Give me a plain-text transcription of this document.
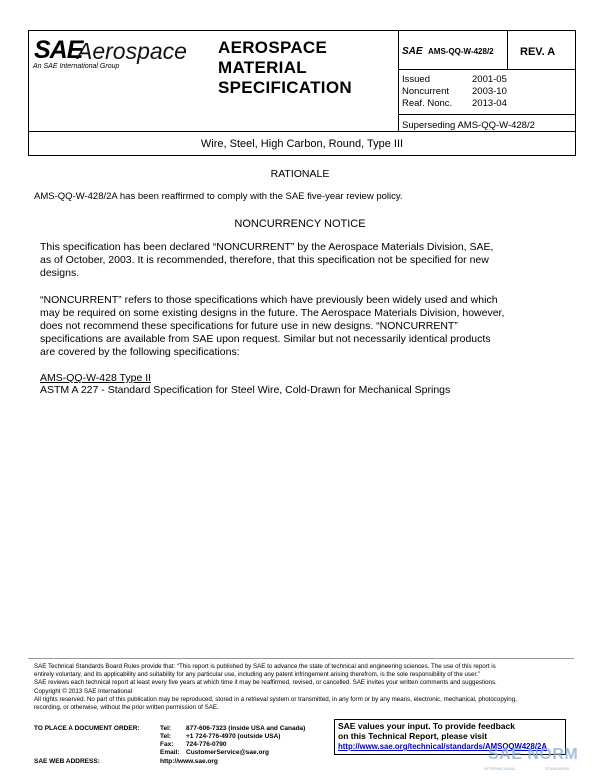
SAE
Aerospace
An SAE International Group
AEROSPACE
MATERIAL
SPECIFICATION
SAE AMS-QQ-W-428/2 REV. A
Issued	2001-05
Noncurrent 2003-10
Reaf. Nonc. 2013-04
Superseding AMS-QQ-W-428/2
Wire, Steel, High Carbon, Round, Type III
RATIONALE
AMS-QQ-W-428/2A has been reaffirmed to comply with the SAE five-year review policy.
NONCURRENCY NOTICE
This specification has been declared “NONCURRENT” by the Aerospace Materials Division, SAE,
as of October, 2003. It is recommended, therefore, that this specification not be specified for new
designs.
“NONCURRENT” refers to those specifications which have previously been widely used and which
may be required on some existing designs in the future. The Aerospace Materials Division, however,
does not recommend these specifications for future use in new designs. “NONCURRENT”
specifications are available from SAE upon request. Similar but not necessarily identical products
are covered by the following specifications:
AMS-QQ-W-428 Type II
ASTM A 227 - Standard Specification for Steel Wire, Cold-Drawn for Mechanical Springs
SAE Technical Standards Board Rules provide that: “This report is published by SAE to advance the state of technical and engineering sciences. The use of this report is
entirely voluntary, and its applicability and suitability for any particular use, including any patent infringement arising therefrom, is the sole responsibility of the user.”
SAE reviews each technical report at least every five years at which time it may be reaffirmed, revised, or cancelled. SAE invites your written comments and suggestions.
Copyright © 2013 SAE International
All rights reserved. No part of this publication may be reproduced, stored in a retrieval system or transmitted, in any form or by any means, electronic, mechanical, photocopying,
recording, or otherwise, without the prior written permission of SAE.
TO PLACE A DOCUMENT ORDER:	Tel: 877-606-7323 (inside USA and Canada)
Tel: +1 724-776-4970 (outside USA)
Fax: 724-776-0790
Email: CustomerService@sae.org
SAE WEB ADDRESS:	http://www.sae.org
SAE values your input. To provide feedback
on this Technical Report, please visit
http://www.sae.org/technical/standards/AMSQQW428/2A
SAE NORM
INTERNATIONAL	STANDARDS
